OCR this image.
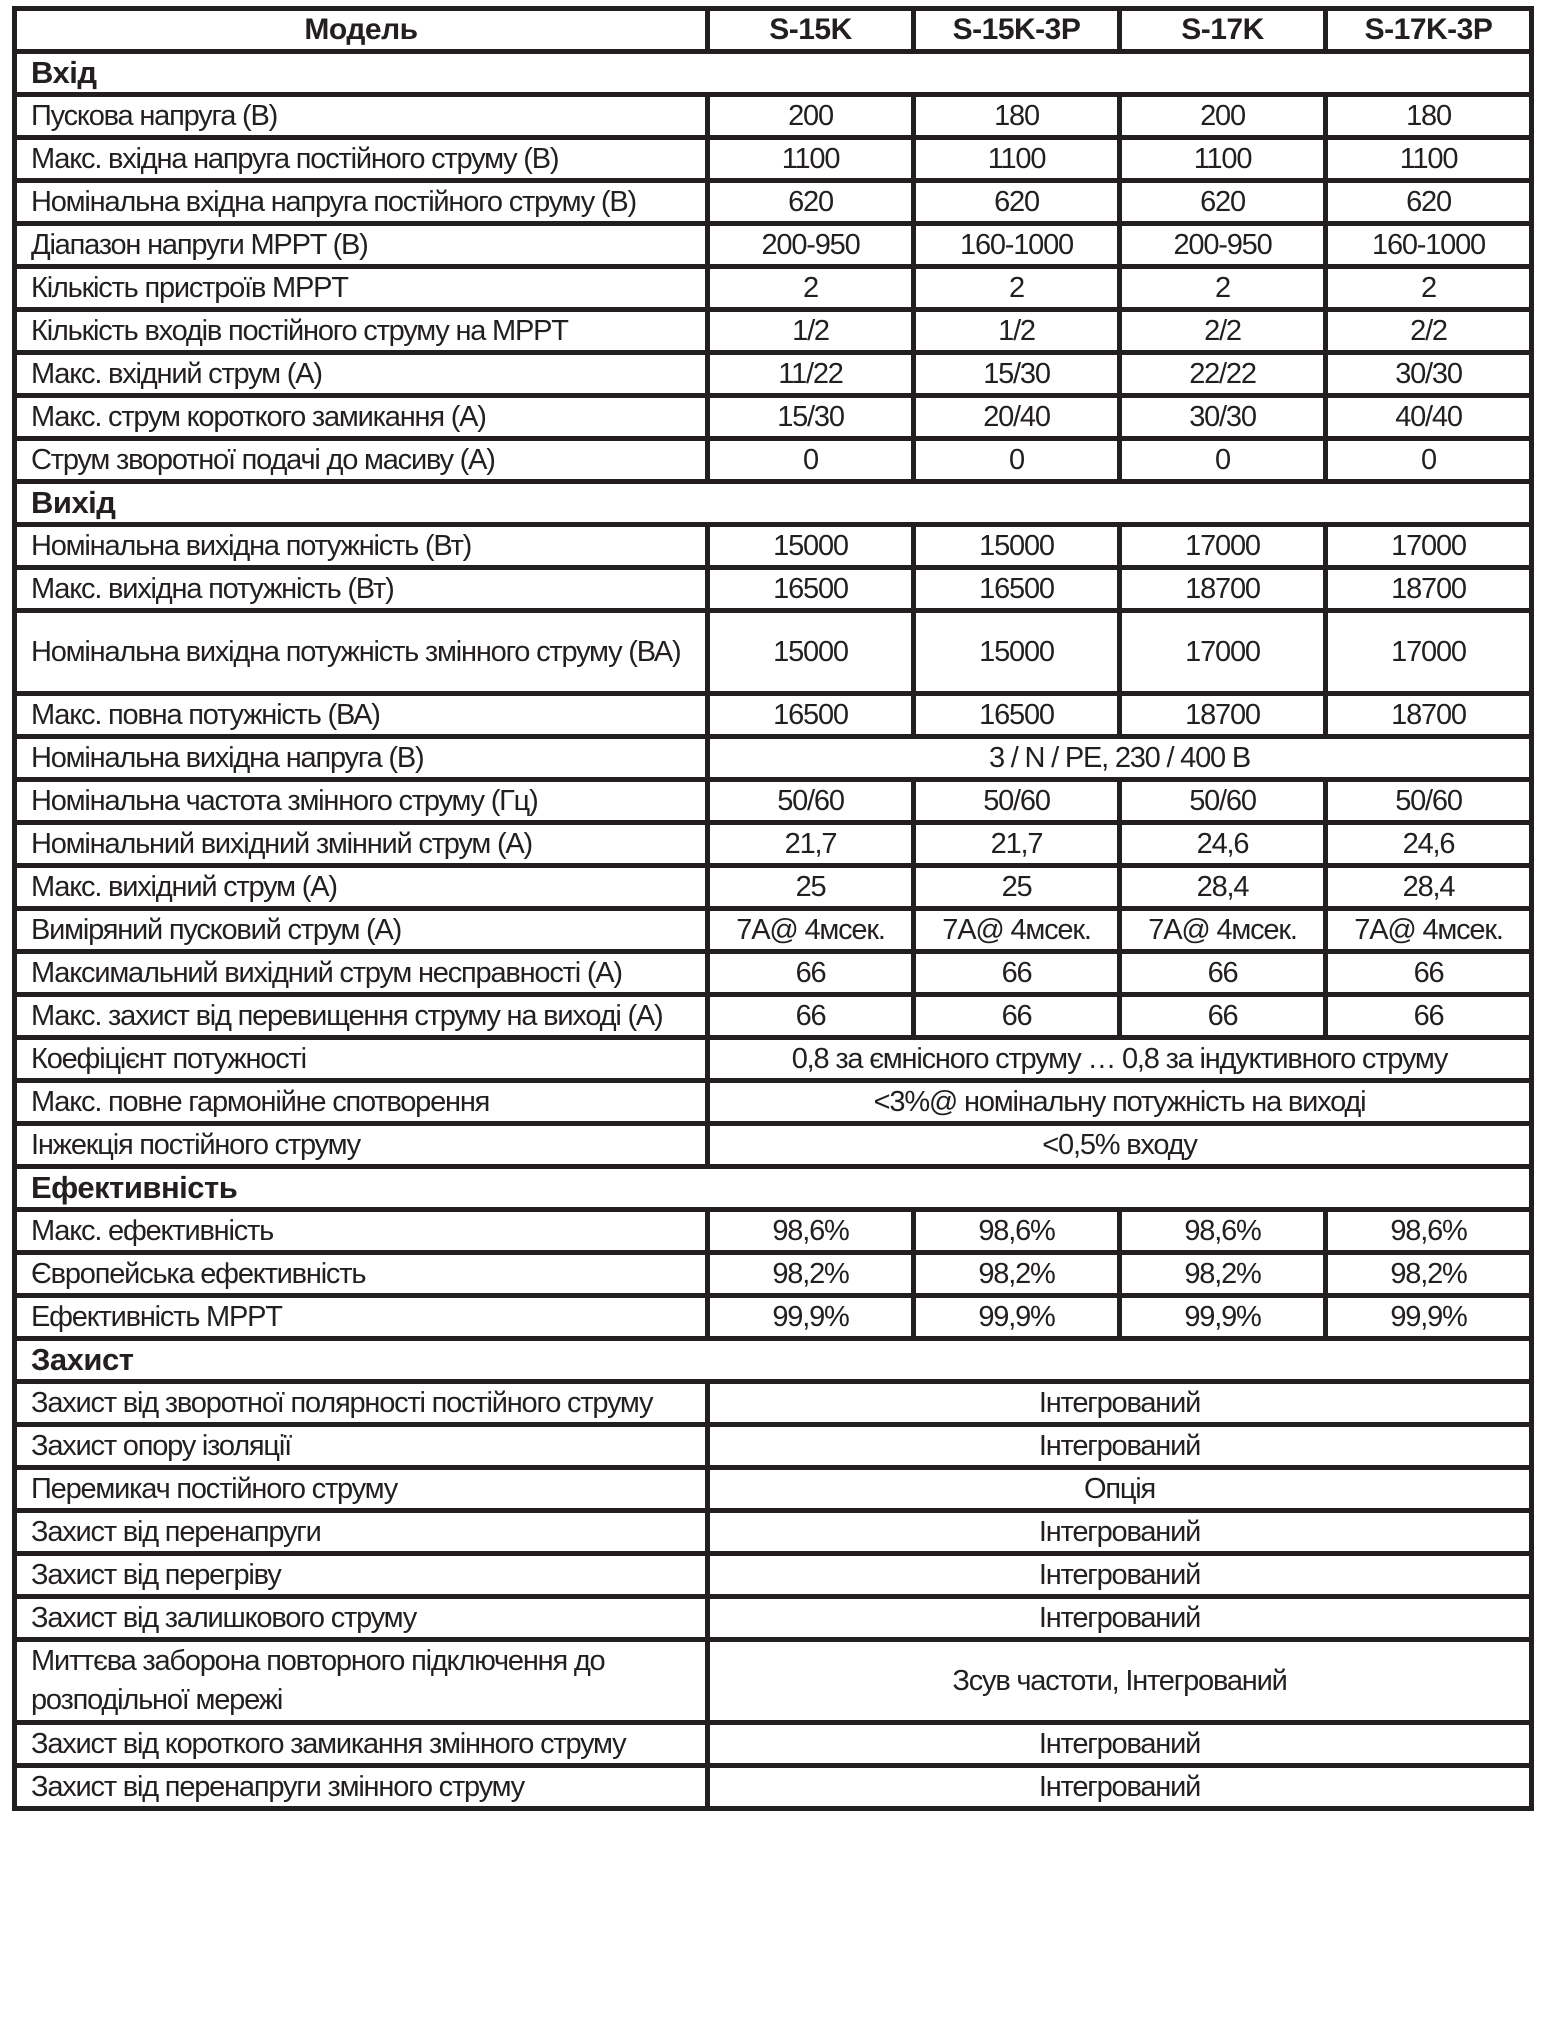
Модель	S-15K	S-15K-3P	S-17K	S-17K-3P
Вхід				
Пускова напруга (В)	200	180	200	180
Макс. вхідна напруга постійного струму (В)	1100	1100	1100	1100
Номінальна вхідна напруга постійного струму (В)	620	620	620	620
Діапазон напруги MPPT (В)	200-950	160-1000	200-950	160-1000
Кількість пристроїв MPPT	2	2	2	2
Кількість входів постійного струму на MPPT	1/2	1/2	2/2	2/2
Макс. вхідний струм (А)	11/22	15/30	22/22	30/30
Макс. струм короткого замикання (А)	15/30	20/40	30/30	40/40
Струм зворотної подачі до масиву (А)	0	0	0	0
Вихід				
Номінальна вихідна потужність (Вт)	15000	15000	17000	17000
Макс. вихідна потужність (Вт)	16500	16500	18700	18700
Номінальна вихідна потужність змінного струму (ВА)	15000	15000	17000	17000
Макс. повна потужність (ВА)	16500	16500	18700	18700
Номінальна вихідна напруга (В)	3 / N / PE, 230 / 400 В			
Номінальна частота змінного струму (Гц)	50/60	50/60	50/60	50/60
Номінальний вихідний змінний струм (А)	21,7	21,7	24,6	24,6
Макс. вихідний струм (А)	25	25	28,4	28,4
Виміряний пусковий струм (А)	7A@ 4мсек.	7A@ 4мсек.	7A@ 4мсек.	7A@ 4мсек.
Максимальний вихідний струм несправності (А)	66	66	66	66
Макс. захист від перевищення струму на виході (А)	66	66	66	66
Коефіцієнт потужності	0,8 за ємнісного струму … 0,8 за індуктивного струму			
Макс. повне гармонійне спотворення	<3%@ номінальну потужність на виході			
Інжекція постійного струму	<0,5% входу			
Ефективність				
Макс. ефективність	98,6%	98,6%	98,6%	98,6%
Європейська ефективність	98,2%	98,2%	98,2%	98,2%
Ефективність MPPT	99,9%	99,9%	99,9%	99,9%
Захист				
Захист від зворотної полярності постійного струму	Інтегрований			
Захист опору ізоляції	Інтегрований			
Перемикач постійного струму	Опція			
Захист від перенапруги	Інтегрований			
Захист від перегріву	Інтегрований			
Захист від залишкового струму	Інтегрований			
Миттєва заборона повторного підключення до розподільної мережі	Зсув частоти, Інтегрований			
Захист від короткого замикання змінного струму	Інтегрований			
Захист від перенапруги змінного струму	Інтегрований			
